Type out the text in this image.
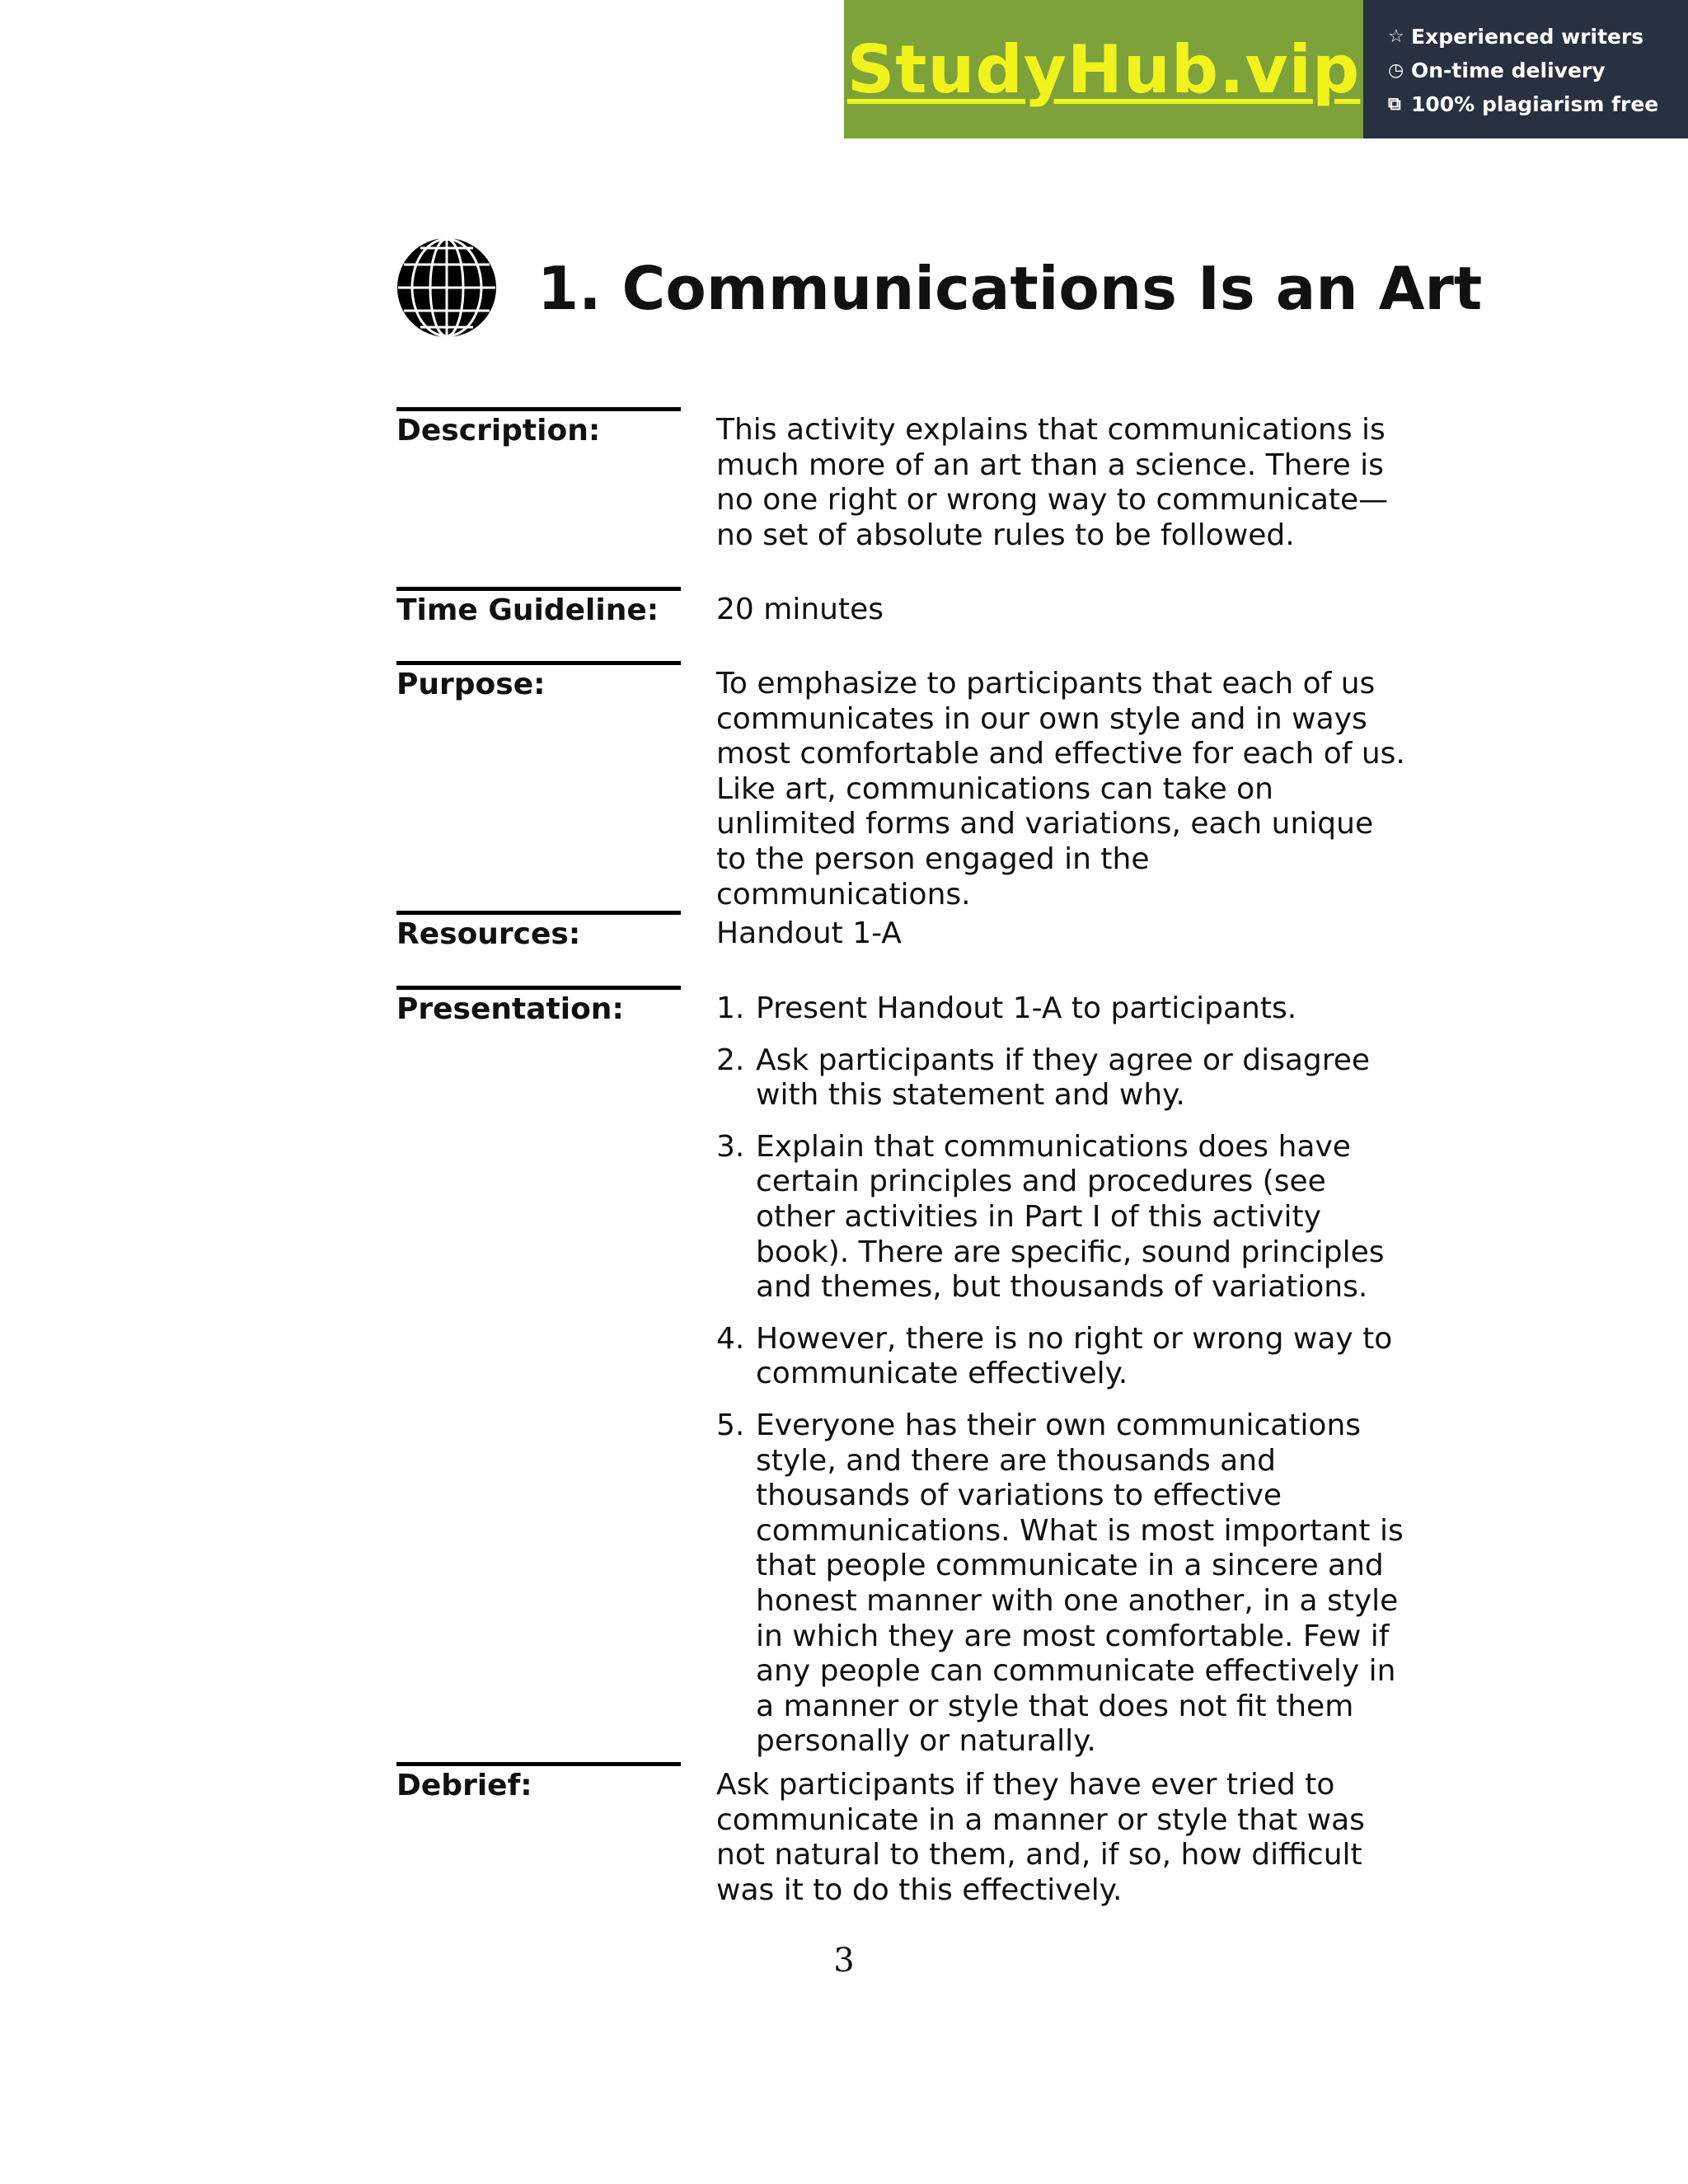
StudyHub.vip ☆ Experienced writers
◷ On-time delivery
⧉ 100% plagiarism free
1. Communications Is an Art
Description:	This activity explains that communications is much more of an art than a science. There is no one right or wrong way to communicate—no set of absolute rules to be followed.

Time Guideline:	20 minutes

Purpose:	To emphasize to participants that each of us communicates in our own style and in ways most comfortable and effective for each of us. Like art, communications can take on unlimited forms and variations, each unique to the person engaged in the communications.

Resources:	Handout 1-A

Presentation:	1. Present Handout 1-A to participants.
2. Ask participants if they agree or disagree with this statement and why.
3. Explain that communications does have certain principles and procedures (see other activities in Part I of this activity book). There are specific, sound principles and themes, but thousands of variations.
4. However, there is no right or wrong way to communicate effectively.
5. Everyone has their own communications style, and there are thousands and thousands of variations to effective communications. What is most important is that people communicate in a sincere and honest manner with one another, in a style in which they are most comfortable. Few if any people can communicate effectively in a manner or style that does not fit them personally or naturally.
Debrief:	Ask participants if they have ever tried to communicate in a manner or style that was not natural to them, and, if so, how difficult was it to do this effectively.

3
